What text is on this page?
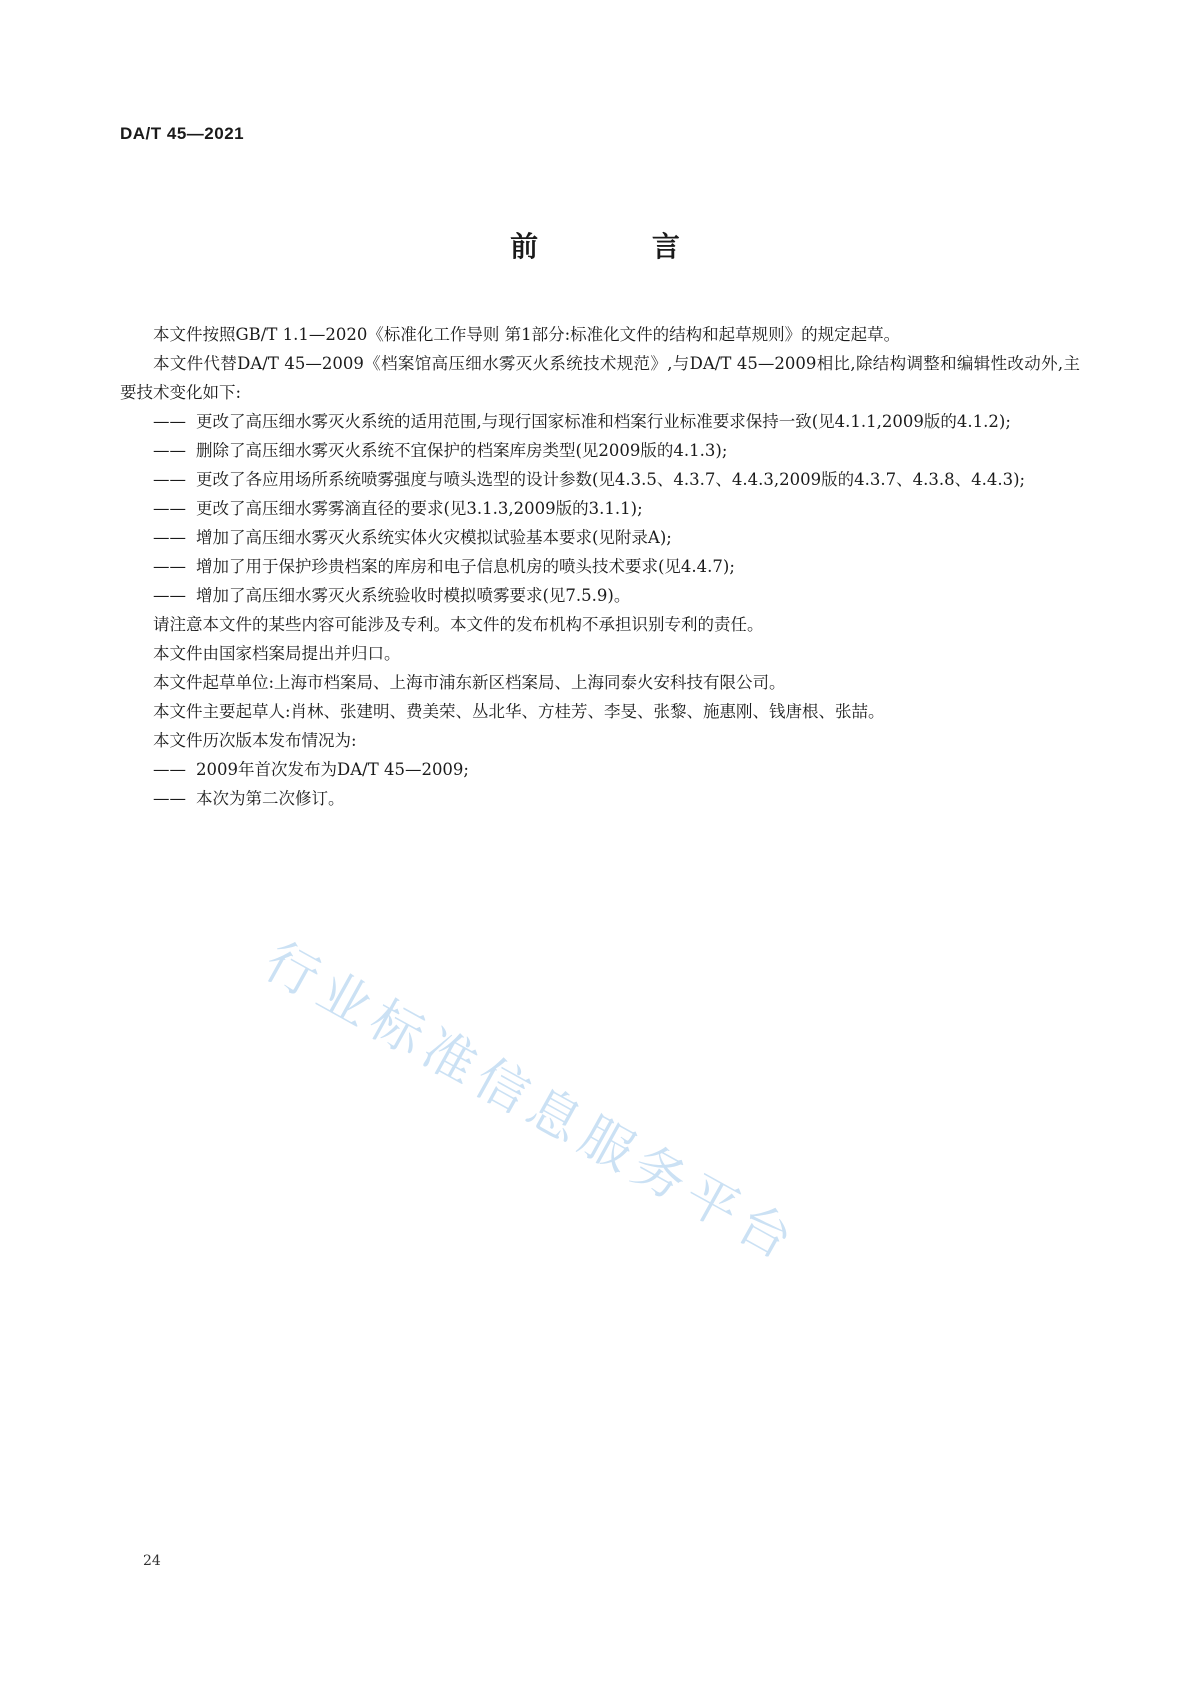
DA/T 45—2021
前 言

本文件按照GB/T 1.1—2020《标准化工作导则 第1部分:标准化文件的结构和起草规则》的规定起草。

本文件代替DA/T 45—2009《档案馆高压细水雾灭火系统技术规范》,与DA/T 45—2009相比,除结构调整和编辑性改动外,主要技术变化如下:

—— 更改了高压细水雾灭火系统的适用范围,与现行国家标准和档案行业标准要求保持一致(见4.1.1,2009版的4.1.2);

—— 删除了高压细水雾灭火系统不宜保护的档案库房类型(见2009版的4.1.3);

—— 更改了各应用场所系统喷雾强度与喷头选型的设计参数(见4.3.5、4.3.7、4.4.3,2009版的4.3.7、4.3.8、4.4.3);

—— 更改了高压细水雾雾滴直径的要求(见3.1.3,2009版的3.1.1);

—— 增加了高压细水雾灭火系统实体火灾模拟试验基本要求(见附录A);

—— 增加了用于保护珍贵档案的库房和电子信息机房的喷头技术要求(见4.4.7);

—— 增加了高压细水雾灭火系统验收时模拟喷雾要求(见7.5.9)。

请注意本文件的某些内容可能涉及专利。本文件的发布机构不承担识别专利的责任。

本文件由国家档案局提出并归口。

本文件起草单位:上海市档案局、上海市浦东新区档案局、上海同泰火安科技有限公司。

本文件主要起草人:肖林、张建明、费美荣、丛北华、方桂芳、李旻、张黎、施惠刚、钱唐根、张喆。

本文件历次版本发布情况为:

—— 2009年首次发布为DA/T 45—2009;

—— 本次为第二次修订。

行业标准信息服务平台
24
